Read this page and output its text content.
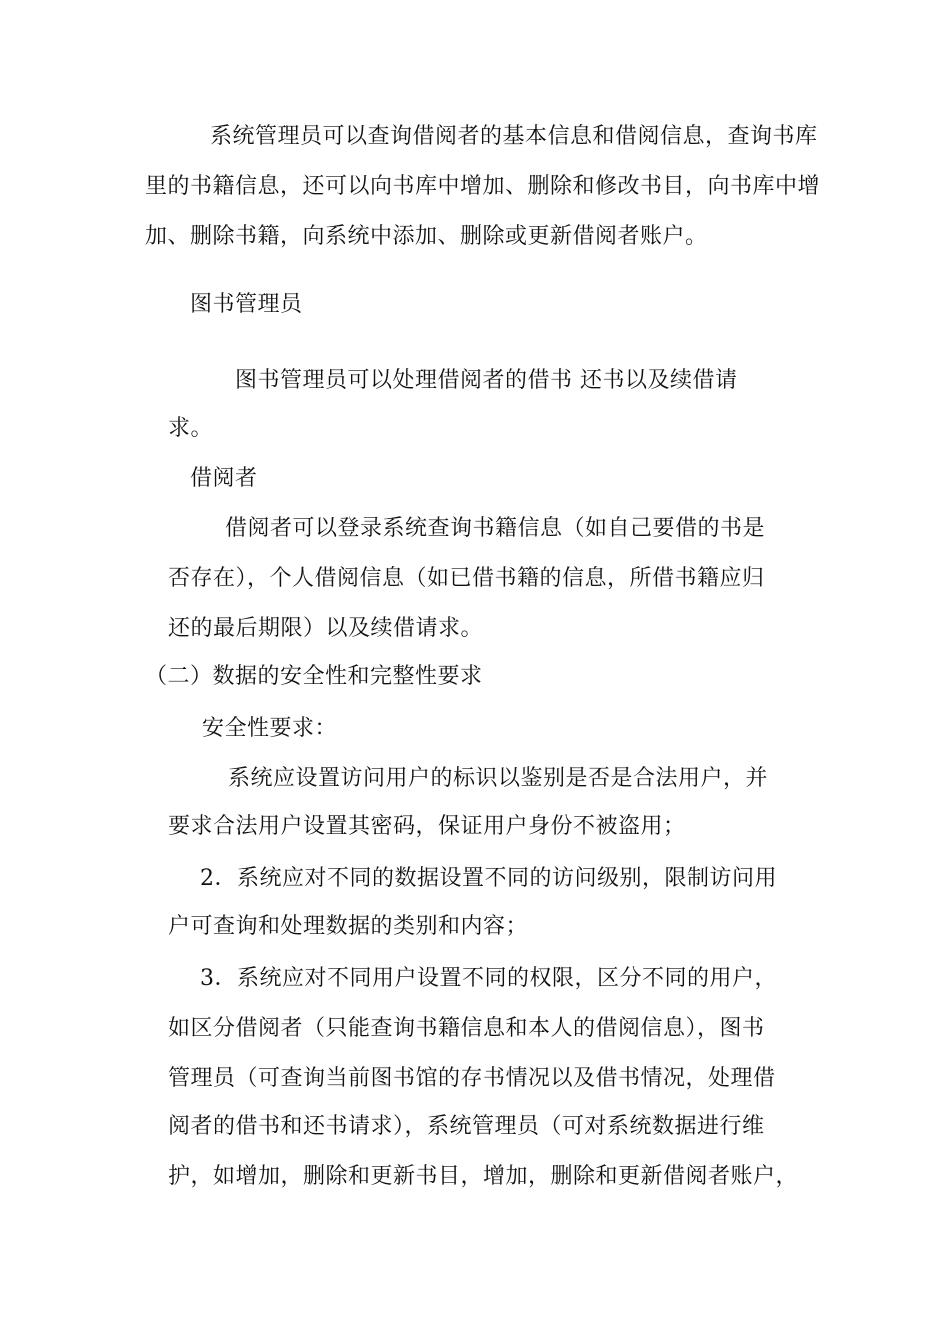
系统管理员可以查询借阅者的基本信息和借阅信息，查询书库
里的书籍信息，还可以向书库中增加、删除和修改书目，向书库中增
加、删除书籍，向系统中添加、删除或更新借阅者账户。
图书管理员
图书管理员可以处理借阅者的借书 还书以及续借请
求。
借阅者
借阅者可以登录系统查询书籍信息（如自己要借的书是
否存在），个人借阅信息（如已借书籍的信息，所借书籍应归
还的最后期限）以及续借请求。
（二）数据的安全性和完整性要求
安全性要求：
系统应设置访问用户的标识以鉴别是否是合法用户，并
要求合法用户设置其密码，保证用户身份不被盗用；
2．系统应对不同的数据设置不同的访问级别，限制访问用
户可查询和处理数据的类别和内容；
3．系统应对不同用户设置不同的权限，区分不同的用户，
如区分借阅者（只能查询书籍信息和本人的借阅信息），图书
管理员（可查询当前图书馆的存书情况以及借书情况，处理借
阅者的借书和还书请求），系统管理员（可对系统数据进行维
护，如增加，删除和更新书目，增加，删除和更新借阅者账户，
